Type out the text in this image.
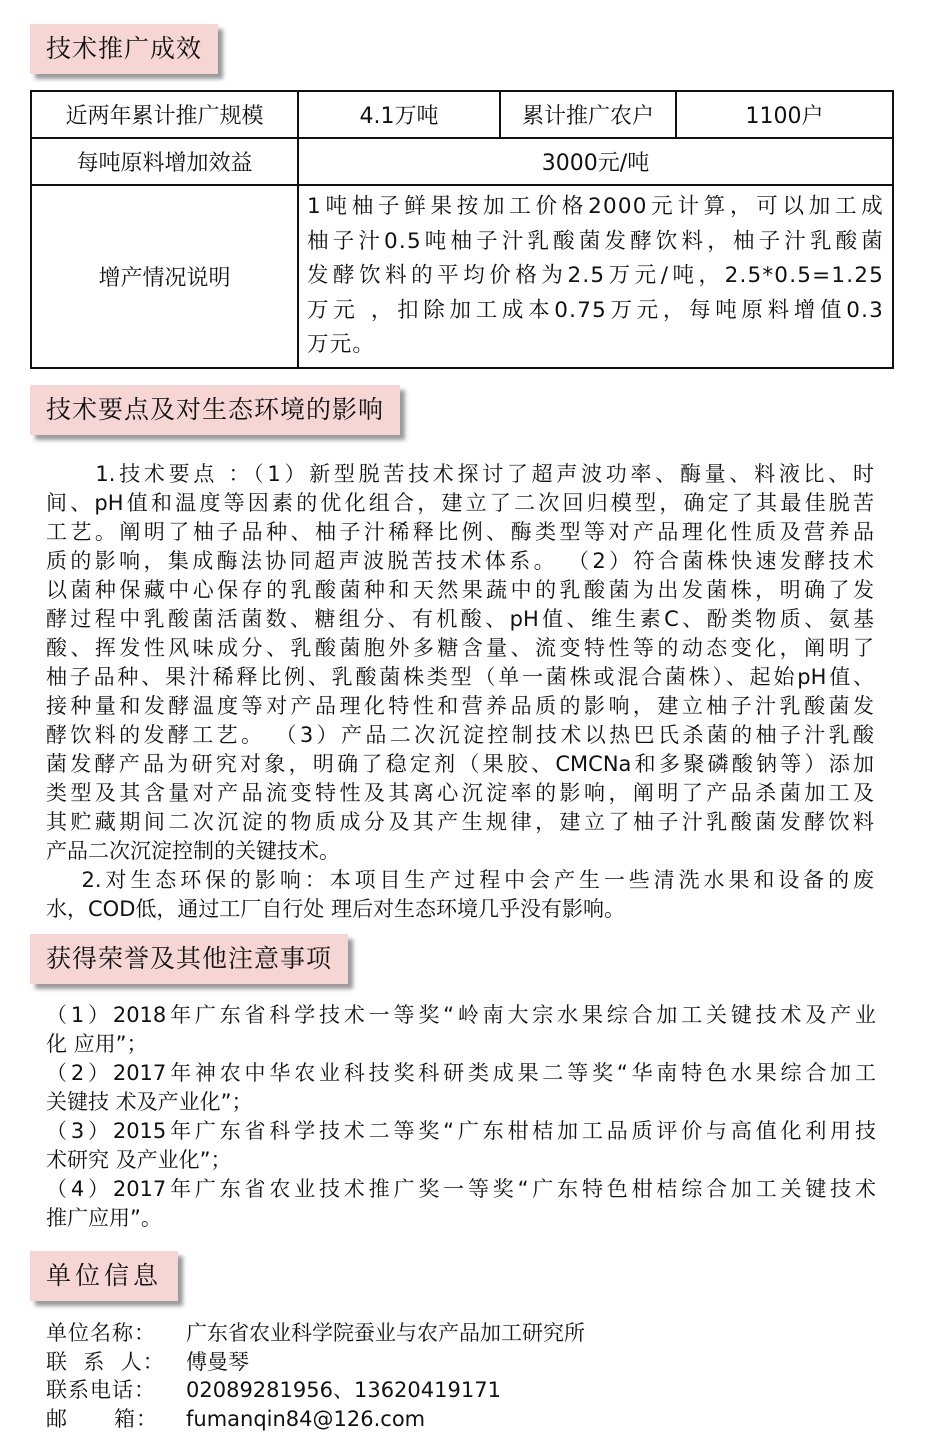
技术推广成效
近两年累计推广规模	4.1万吨	累计推广农户	1100户
每吨原料增加效益	3000元/吨		
增产情况说明	1吨柚子鲜果按加工价格2000元计算，可以加工成
柚子汁0.5吨柚子汁乳酸菌发酵饮料，柚子汁乳酸菌
发酵饮料的平均价格为2.5万元/吨，2.5*0.5=1.25
万元 ，扣除加工成本0.75万元，每吨原料增值0.3
万元。		
技术要点及对生态环境的影响
　　1.技术要点 ：（1）新型脱苦技术探讨了超声波功率、酶量、料液比、时
间、pH值和温度等因素的优化组合，建立了二次回归模型，确定了其最佳脱苦
工艺。阐明了柚子品种、柚子汁稀释比例、酶类型等对产品理化性质及营养品
质的影响，集成酶法协同超声波脱苦技术体系。 （2）符合菌株快速发酵技术
以菌种保藏中心保存的乳酸菌种和天然果蔬中的乳酸菌为出发菌株，明确了发
酵过程中乳酸菌活菌数、糖组分、有机酸、pH值、维生素C、酚类物质、氨基
酸、挥发性风味成分、乳酸菌胞外多糖含量、流变特性等的动态变化，阐明了
柚子品种、果汁稀释比例、乳酸菌株类型（单一菌株或混合菌株）、起始pH值、
接种量和发酵温度等对产品理化特性和营养品质的影响，建立柚子汁乳酸菌发
酵饮料的发酵工艺。 （3）产品二次沉淀控制技术以热巴氏杀菌的柚子汁乳酸
菌发酵产品为研究对象，明确了稳定剂（果胶、CMCNa和多聚磷酸钠等）添加
类型及其含量对产品流变特性及其离心沉淀率的影响，阐明了产品杀菌加工及
其贮藏期间二次沉淀的物质成分及其产生规律，建立了柚子汁乳酸菌发酵饮料
产品二次沉淀控制的关键技术。
　 2.对生态环保的影响：本项目生产过程中会产生一些清洗水果和设备的废
水，COD低，通过工厂自行处 理后对生态环境几乎没有影响。
获得荣誉及其他注意事项
（1）2018年广东省科学技术一等奖“岭南大宗水果综合加工关键技术及产业
化 应用”；
（2）2017年神农中华农业科技奖科研类成果二等奖“华南特色水果综合加工
关键技 术及产业化”；
（3）2015年广东省科学技术二等奖“广东柑桔加工品质评价与高值化利用技
术研究 及产业化”；
（4）2017年广东省农业技术推广奖一等奖“广东特色柑桔综合加工关键技术
推广应用”。
单位信息
单位名称：	广东省农业科学院蚕业与农产品加工研究所
联  系  人：	傅曼琴
联系电话：	02089281956、13620419171
邮      箱：	fumanqin84@126.com
